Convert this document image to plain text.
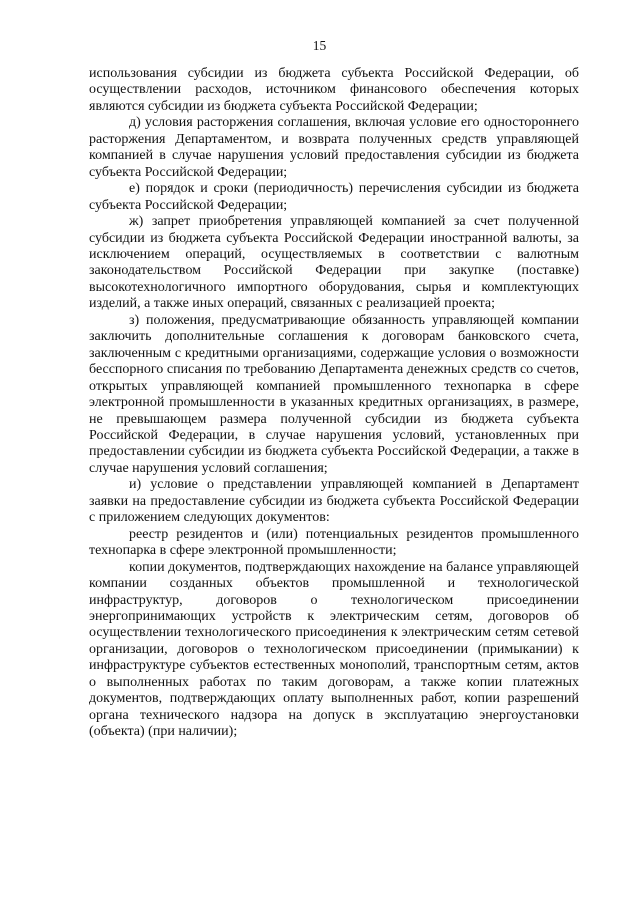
15

использования субсидии из бюджета субъекта Российской Федерации, об осуществлении расходов, источником финансового обеспечения которых являются субсидии из бюджета субъекта Российской Федерации;

д) условия расторжения соглашения, включая условие его одностороннего расторжения Департаментом, и возврата полученных средств управляющей компанией в случае нарушения условий предоставления субсидии из бюджета субъекта Российской Федерации;

е) порядок и сроки (периодичность) перечисления субсидии из бюджета субъекта Российской Федерации;

ж) запрет приобретения управляющей компанией за счет полученной субсидии из бюджета субъекта Российской Федерации иностранной валюты, за исключением операций, осуществляемых в соответствии с валютным законодательством Российской Федерации при закупке (поставке) высокотехнологичного импортного оборудования, сырья и комплектующих изделий, а также иных операций, связанных с реализацией проекта;

з) положения, предусматривающие обязанность управляющей компании заключить дополнительные соглашения к договорам банковского счета, заключенным с кредитными организациями, содержащие условия о возможности бесспорного списания по требованию Департамента денежных средств со счетов, открытых управляющей компанией промышленного технопарка в сфере электронной промышленности в указанных кредитных организациях, в размере, не превышающем размера полученной субсидии из бюджета субъекта Российской Федерации, в случае нарушения условий, установленных при предоставлении субсидии из бюджета субъекта Российской Федерации, а также в случае нарушения условий соглашения;

и) условие о представлении управляющей компанией в Департамент заявки на предоставление субсидии из бюджета субъекта Российской Федерации с приложением следующих документов:

реестр резидентов и (или) потенциальных резидентов промышленного технопарка в сфере электронной промышленности;

копии документов, подтверждающих нахождение на балансе управляющей компании созданных объектов промышленной и технологической инфраструктур, договоров о технологическом присоединении энергопринимающих устройств к электрическим сетям, договоров об осуществлении технологического присоединения к электрическим сетям сетевой организации, договоров о технологическом присоединении (примыкании) к инфраструктуре субъектов естественных монополий, транспортным сетям, актов о выполненных работах по таким договорам, а также копии платежных документов, подтверждающих оплату выполненных работ, копии разрешений органа технического надзора на допуск в эксплуатацию энергоустановки (объекта) (при наличии);
